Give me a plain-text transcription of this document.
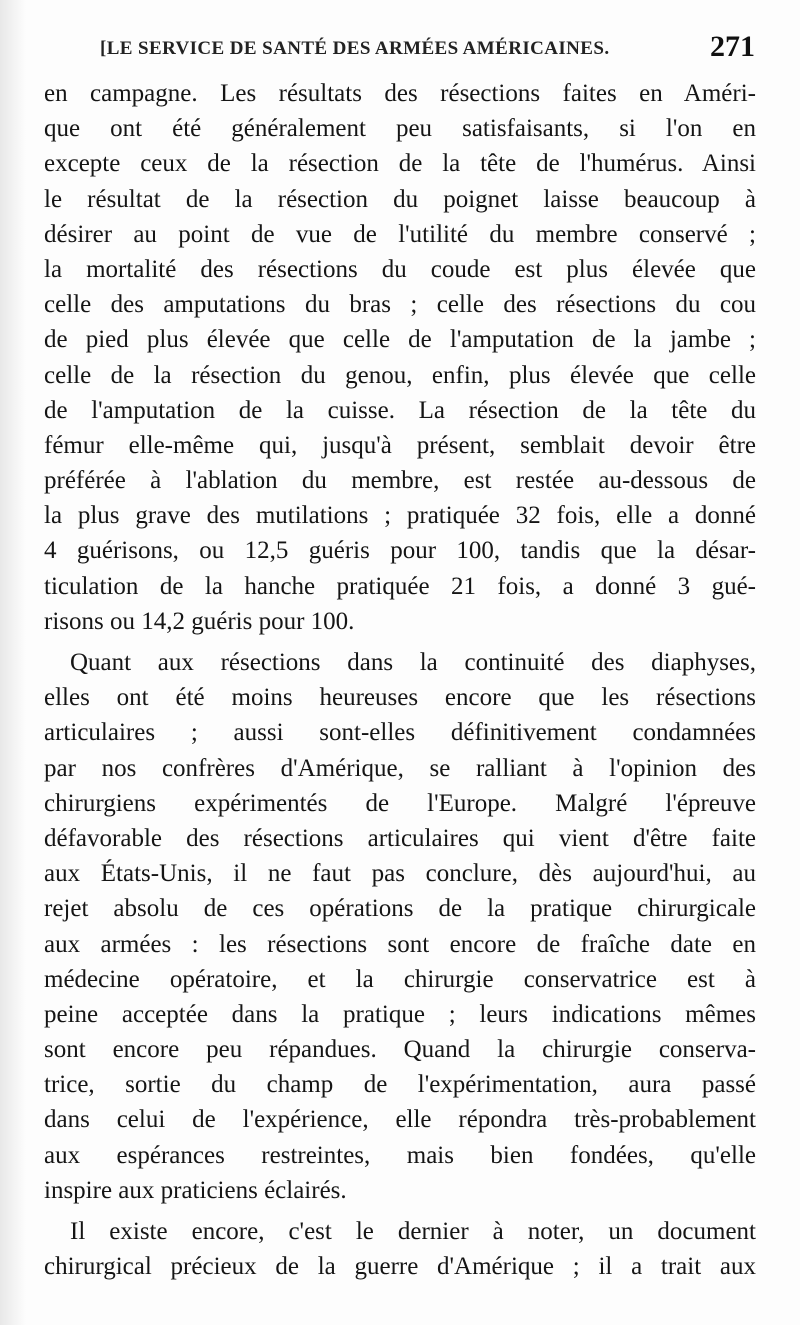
[LE SERVICE DE SANTÉ DES ARMÉES AMÉRICAINES.	271
en campagne. Les résultats des résections faites en Améri-
que ont été généralement peu satisfaisants, si l'on en
excepte ceux de la résection de la tête de l'humérus. Ainsi
le résultat de la résection du poignet laisse beaucoup à
désirer au point de vue de l'utilité du membre conservé ;
la mortalité des résections du coude est plus élevée que
celle des amputations du bras ; celle des résections du cou
de pied plus élevée que celle de l'amputation de la jambe ;
celle de la résection du genou, enfin, plus élevée que celle
de l'amputation de la cuisse. La résection de la tête du
fémur elle-même qui, jusqu'à présent, semblait devoir être
préférée à l'ablation du membre, est restée au-dessous de
la plus grave des mutilations ; pratiquée 32 fois, elle a donné
4 guérisons, ou 12,5 guéris pour 100, tandis que la désar-
ticulation de la hanche pratiquée 21 fois, a donné 3 gué-
risons ou 14,2 guéris pour 100.
Quant aux résections dans la continuité des diaphyses,
elles ont été moins heureuses encore que les résections
articulaires ; aussi sont-elles définitivement condamnées
par nos confrères d'Amérique, se ralliant à l'opinion des
chirurgiens expérimentés de l'Europe. Malgré l'épreuve
défavorable des résections articulaires qui vient d'être faite
aux États-Unis, il ne faut pas conclure, dès aujourd'hui, au
rejet absolu de ces opérations de la pratique chirurgicale
aux armées : les résections sont encore de fraîche date en
médecine opératoire, et la chirurgie conservatrice est à
peine acceptée dans la pratique ; leurs indications mêmes
sont encore peu répandues. Quand la chirurgie conserva-
trice, sortie du champ de l'expérimentation, aura passé
dans celui de l'expérience, elle répondra très-probablement
aux espérances restreintes, mais bien fondées, qu'elle
inspire aux praticiens éclairés.
Il existe encore, c'est le dernier à noter, un document
chirurgical précieux de la guerre d'Amérique ; il a trait aux
